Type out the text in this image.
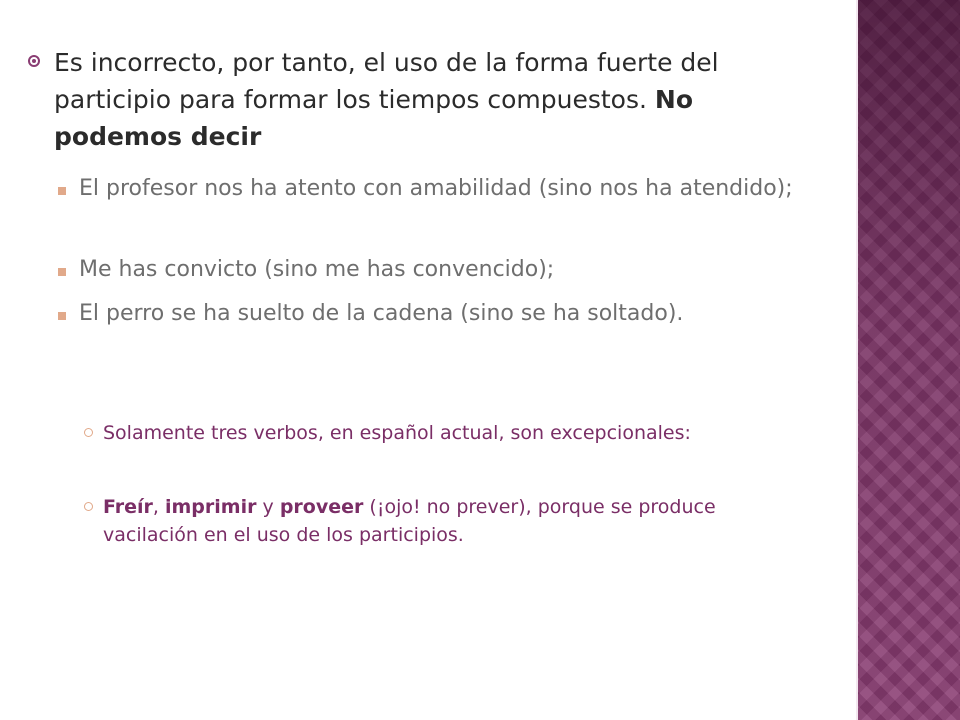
Es incorrecto, por tanto, el uso de la forma fuerte del participio para formar los tiempos compuestos. No podemos decir
El profesor nos ha atento con amabilidad (sino nos ha atendido);
Me has convicto (sino me has convencido);
El perro se ha suelto de la cadena (sino se ha soltado).
Solamente tres verbos, en español actual, son excepcionales:
Freír, imprimir y proveer (¡ojo! no prever), porque se produce vacilación en el uso de los participios.
